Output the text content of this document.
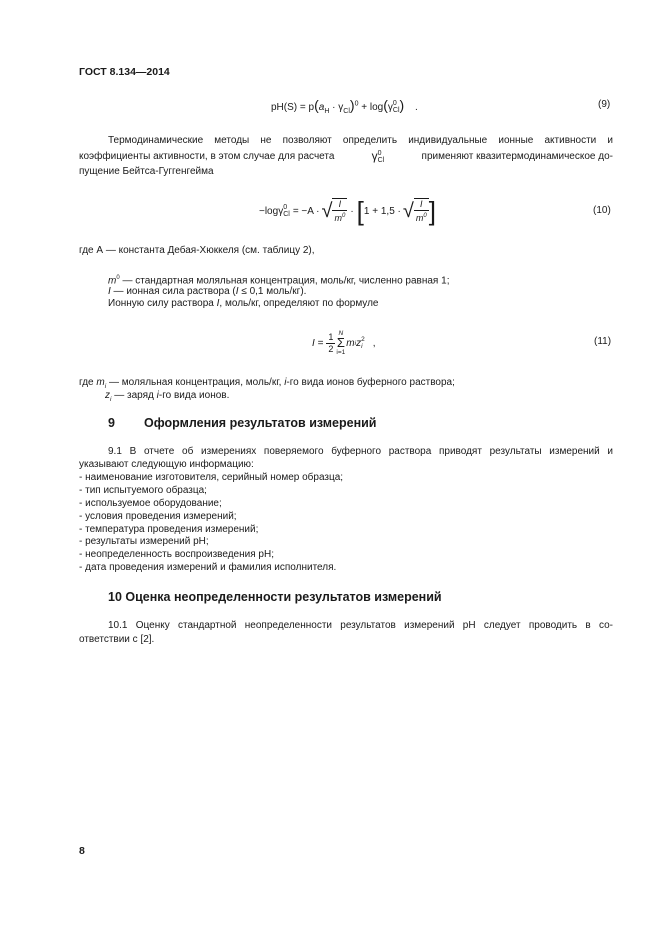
ГОСТ 8.134—2014
$pH(S) = p(a_H \cdot \gamma_{Cl})^0 + \log(\gamma$ 0
Cl ) .	(9)
Термодинамические методы не позволяют определить индивидуальные ионные активности и
коэффициенты активности, в этом случае для расчета	γ 0
Cl	применяют квазитермодинамическое до-
пущение Бейтса-Гуггенгейма
−log γ 0
Cl = −A · √ $\frac{I}{m^0}$ · [ 1 + 1,5 · √ $\frac{I}{m^0}$ ]	(10)
где А — константа Дебая-Хюккеля (см. таблицу 2),
$m^0$ — стандартная моляльная концентрация, моль/кг, численно равная 1;
I — ионная сила раствора (I ≤ 0,1 моль/кг).
Ионную силу раствора I, моль/кг, определяют по формуле
$I = \frac{1}{2}$ N
Σ
i=1
m i z 2
i ,	(11)
где $m_i$ — моляльная концентрация, моль/кг, i-го вида ионов буферного раствора;
$z_i$ — заряд i-го вида ионов.
9 Оформления результатов измерений
9.1 В отчете об измерениях поверяемого буферного раствора приводят результаты измерений и
указывают следующую информацию:
- наименование изготовителя, серийный номер образца;
- тип испытуемого образца;
- используемое оборудование;
- условия проведения измерений;
- температура проведения измерений;
- результаты измерений рН;
- неопределенность воспроизведения рН;
- дата проведения измерений и фамилия исполнителя.
10 Оценка неопределенности результатов измерений
10.1 Оценку стандартной неопределенности результатов измерений рН следует проводить в со-
ответствии с [2].
8
